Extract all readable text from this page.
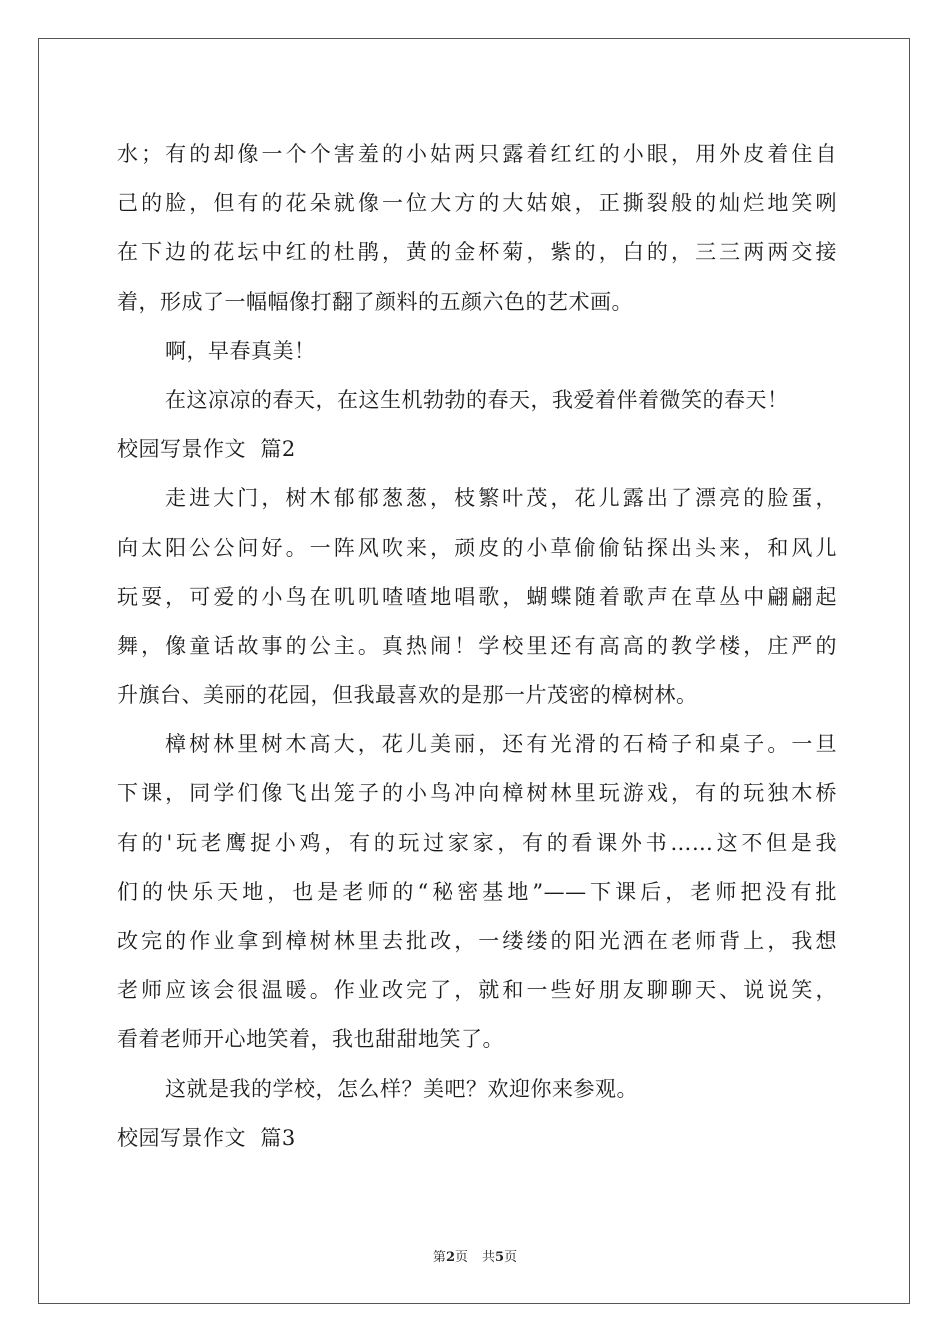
水；有的却像一个个害羞的小姑两只露着红红的小眼，用外皮着住自
己的脸，但有的花朵就像一位大方的大姑娘，正撕裂般的灿烂地笑咧
在下边的花坛中红的杜鹃，黄的金杯菊，紫的，白的，三三两两交接
着，形成了一幅幅像打翻了颜料的五颜六色的艺术画。
啊，早春真美！
在这凉凉的春天，在这生机勃勃的春天，我爱着伴着微笑的春天！
校园写景作文  篇2
走进大门，树木郁郁葱葱，枝繁叶茂，花儿露出了漂亮的脸蛋，
向太阳公公问好。一阵风吹来，顽皮的小草偷偷钻探出头来，和风儿
玩耍，可爱的小鸟在叽叽喳喳地唱歌，蝴蝶随着歌声在草丛中翩翩起
舞，像童话故事的公主。真热闹！学校里还有高高的教学楼，庄严的
升旗台、美丽的花园，但我最喜欢的是那一片茂密的樟树林。
樟树林里树木高大，花儿美丽，还有光滑的石椅子和桌子。一旦
下课，同学们像飞出笼子的小鸟冲向樟树林里玩游戏，有的玩独木桥
有的'玩老鹰捉小鸡，有的玩过家家，有的看课外书……这不但是我
们的快乐天地，也是老师的“秘密基地”——下课后，老师把没有批
改完的作业拿到樟树林里去批改，一缕缕的阳光洒在老师背上，我想
老师应该会很温暖。作业改完了，就和一些好朋友聊聊天、说说笑，
看着老师开心地笑着，我也甜甜地笑了。
这就是我的学校，怎么样？美吧？欢迎你来参观。
校园写景作文  篇3
第2页 共5页
